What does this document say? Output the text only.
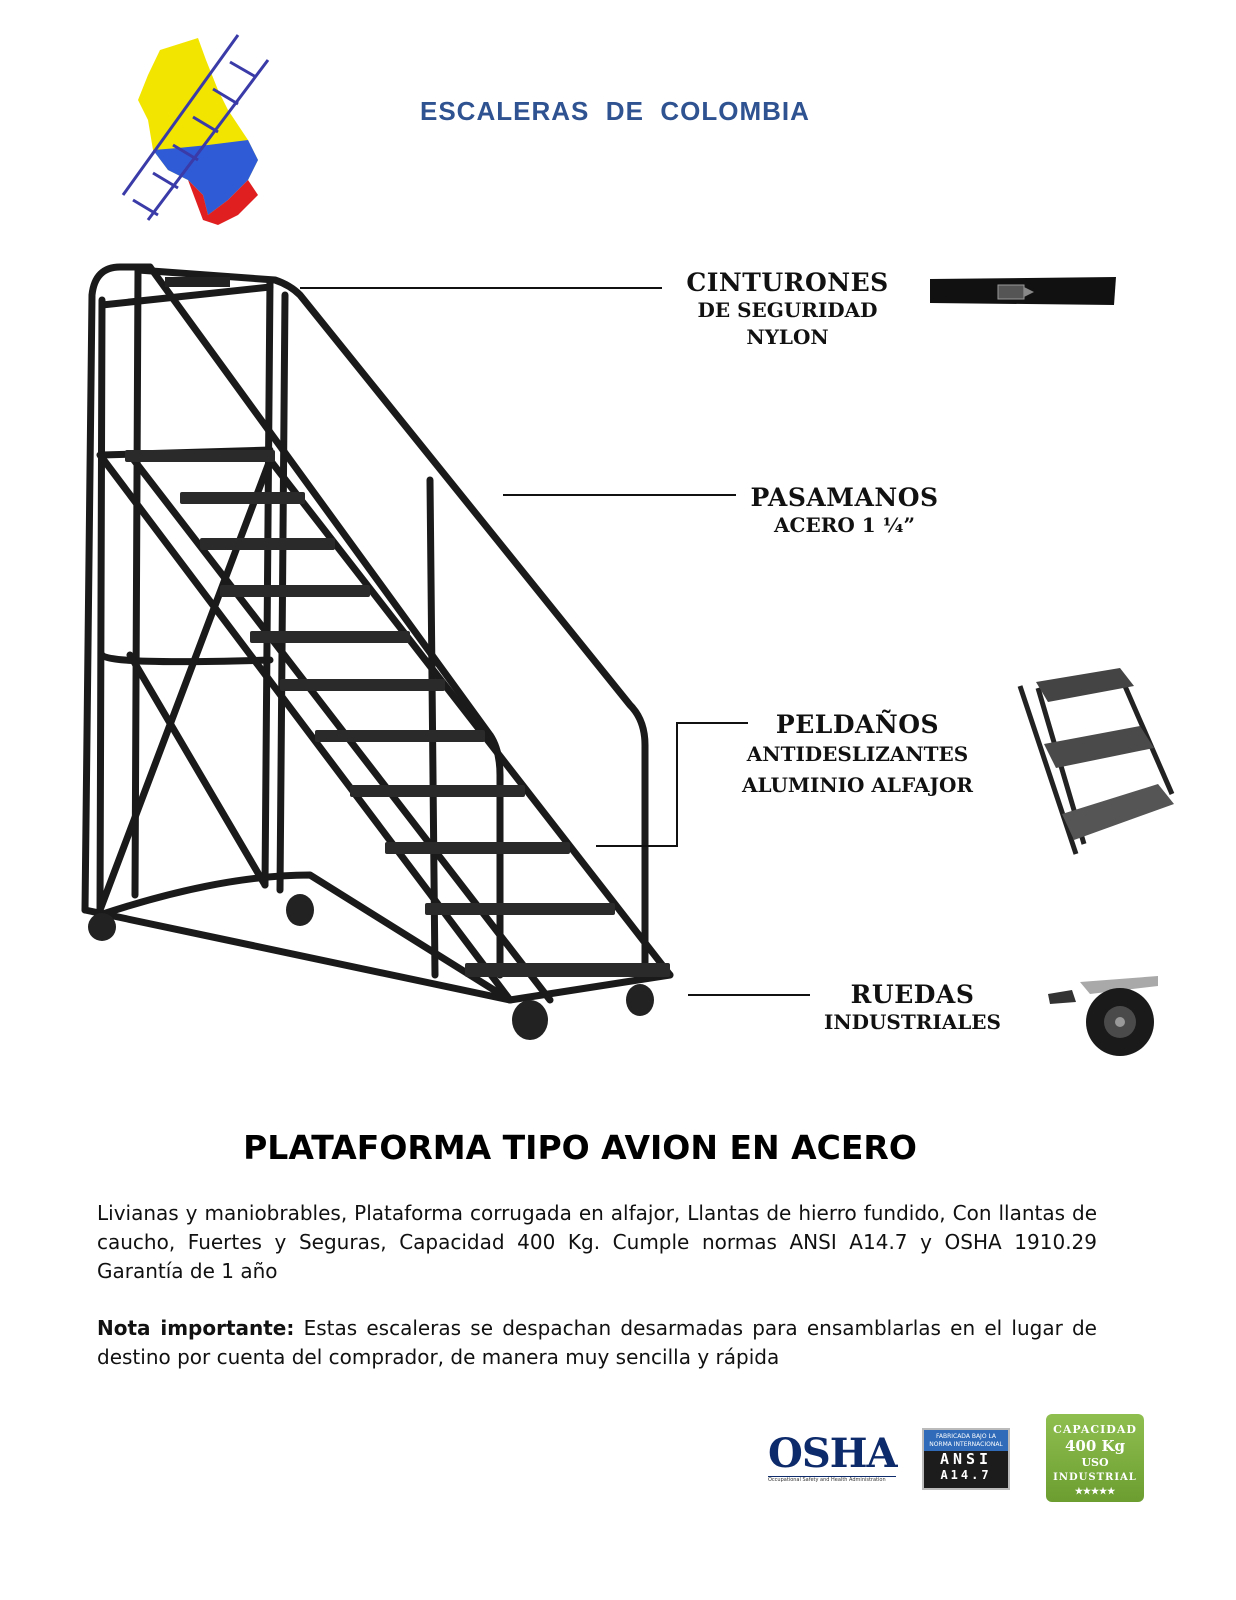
ESCALERAS  DE  COLOMBIA
CINTURONES
DE SEGURIDAD
NYLON
PASAMANOS
ACERO 1 ¼”
PELDAÑOS
ANTIDESLIZANTES
ALUMINIO ALFAJOR
RUEDAS
INDUSTRIALES
PLATAFORMA TIPO AVION EN ACERO
Livianas y maniobrables, Plataforma corrugada en alfajor, Llantas de hierro fundido, Con llantas de caucho, Fuertes y Seguras, Capacidad 400 Kg. Cumple normas ANSI A14.7 y OSHA 1910.29 Garantía de 1 año
Nota importante: Estas escaleras se despachan desarmadas para ensamblarlas en el lugar de destino por cuenta del comprador, de manera muy sencilla y rápida
OSHA
Occupational Safety and Health Administration
FABRICADA BAJO LA
NORMA INTERNACIONAL
ANSI
A14.7
CAPACIDAD
400 Kg
USO
INDUSTRIAL
★★★★★
